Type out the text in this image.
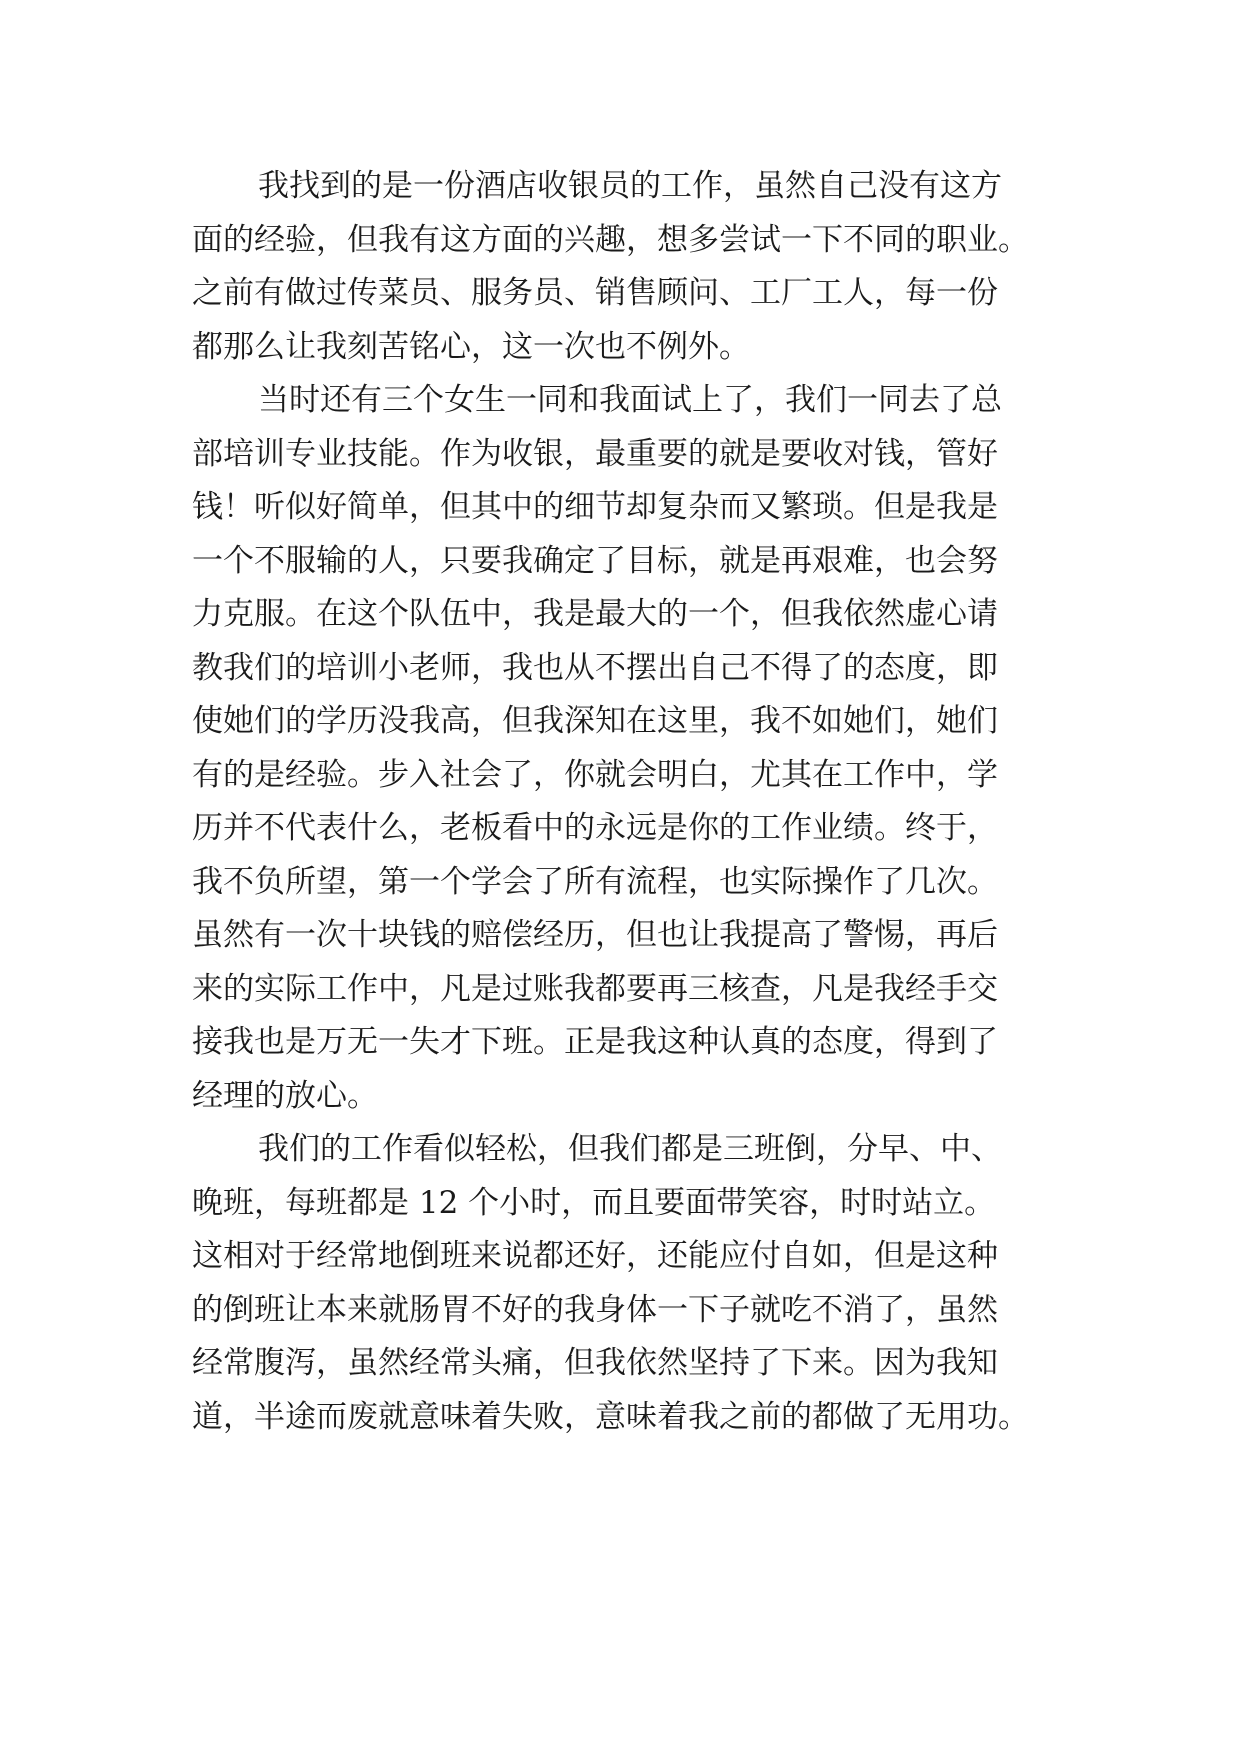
我找到的是一份酒店收银员的工作，虽然自己没有这方
面的经验，但我有这方面的兴趣，想多尝试一下不同的职业。
之前有做过传菜员、服务员、销售顾问、工厂工人，每一份
都那么让我刻苦铭心，这一次也不例外。
当时还有三个女生一同和我面试上了，我们一同去了总
部培训专业技能。作为收银，最重要的就是要收对钱，管好
钱！听似好简单，但其中的细节却复杂而又繁琐。但是我是
一个不服输的人，只要我确定了目标，就是再艰难，也会努
力克服。在这个队伍中，我是最大的一个，但我依然虚心请
教我们的培训小老师，我也从不摆出自己不得了的态度，即
使她们的学历没我高，但我深知在这里，我不如她们，她们
有的是经验。步入社会了，你就会明白，尤其在工作中，学
历并不代表什么，老板看中的永远是你的工作业绩。终于，
我不负所望，第一个学会了所有流程，也实际操作了几次。
虽然有一次十块钱的赔偿经历，但也让我提高了警惕，再后
来的实际工作中，凡是过账我都要再三核查，凡是我经手交
接我也是万无一失才下班。正是我这种认真的态度，得到了
经理的放心。
我们的工作看似轻松，但我们都是三班倒，分早、中、
晚班，每班都是 12 个小时，而且要面带笑容，时时站立。
这相对于经常地倒班来说都还好，还能应付自如，但是这种
的倒班让本来就肠胃不好的我身体一下子就吃不消了，虽然
经常腹泻，虽然经常头痛，但我依然坚持了下来。因为我知
道，半途而废就意味着失败，意味着我之前的都做了无用功。
